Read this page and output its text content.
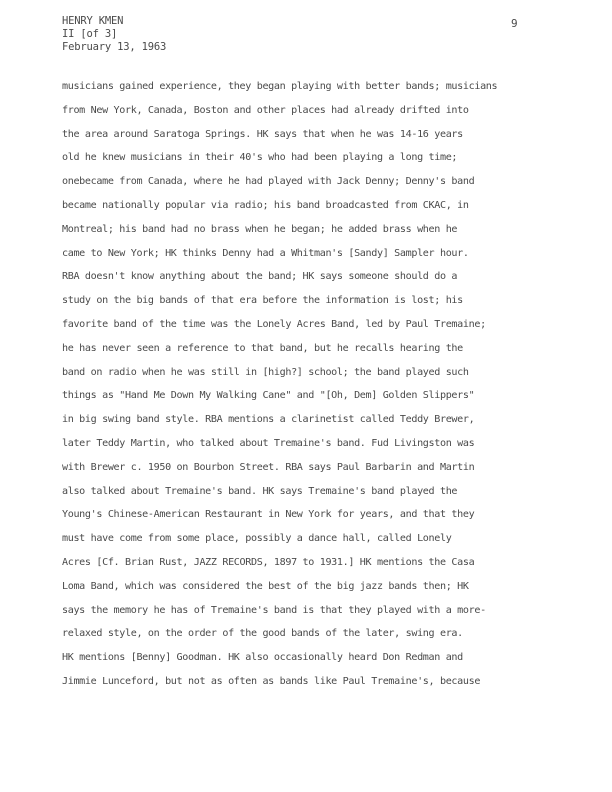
HENRY KMEN
II [of 3]
February 13, 1963
9
musicians gained experience, they began playing with better bands; musicians
from New York, Canada, Boston and other places had already drifted into
the area around Saratoga Springs. HK says that when he was 14-16 years
old he knew musicians in their 40's who had been playing a long time;
onebecame from Canada, where he had played with Jack Denny; Denny's band
became nationally popular via radio; his band broadcasted from CKAC, in
Montreal; his band had no brass when he began; he added brass when he
came to New York; HK thinks Denny had a Whitman's [Sandy] Sampler hour.
RBA doesn't know anything about the band; HK says someone should do a
study on the big bands of that era before the information is lost; his
favorite band of the time was the Lonely Acres Band, led by Paul Tremaine;
he has never seen a reference to that band, but he recalls hearing the
band on radio when he was still in [high?] school; the band played such
things as "Hand Me Down My Walking Cane" and "[Oh, Dem] Golden Slippers"
in big swing band style. RBA mentions a clarinetist called Teddy Brewer,
later Teddy Martin, who talked about Tremaine's band. Fud Livingston was
with Brewer c. 1950 on Bourbon Street. RBA says Paul Barbarin and Martin
also talked about Tremaine's band. HK says Tremaine's band played the
Young's Chinese-American Restaurant in New York for years, and that they
must have come from some place, possibly a dance hall, called Lonely
Acres [Cf. Brian Rust, JAZZ RECORDS, 1897 to 1931.] HK mentions the Casa
Loma Band, which was considered the best of the big jazz bands then; HK
says the memory he has of Tremaine's band is that they played with a more-
relaxed style, on the order of the good bands of the later, swing era.
HK mentions [Benny] Goodman. HK also occasionally heard Don Redman and
Jimmie Lunceford, but not as often as bands like Paul Tremaine's, because
